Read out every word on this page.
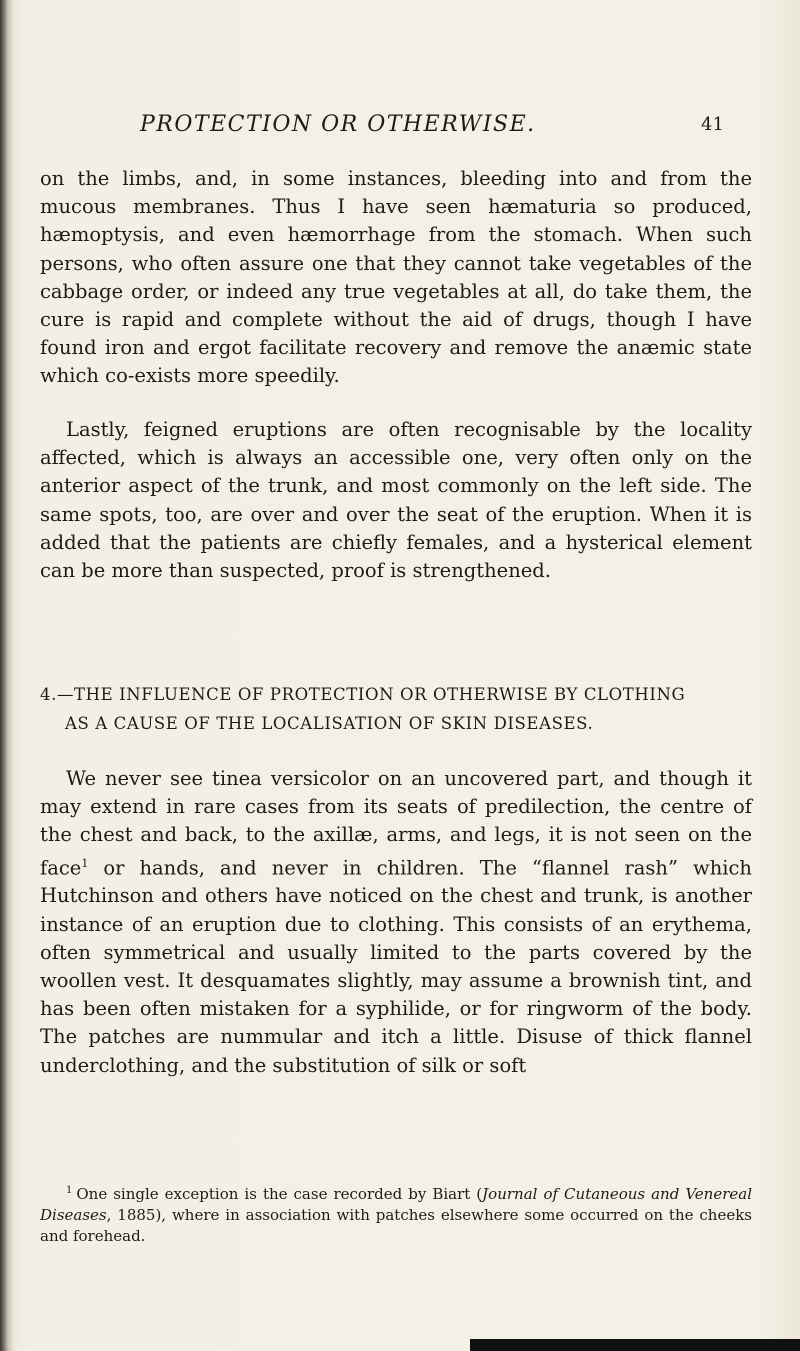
PROTECTION OR OTHERWISE.	41

on the limbs, and, in some instances, bleeding into and from the mucous membranes. Thus I have seen hæmaturia so produced, hæmoptysis, and even hæmorrhage from the stomach. When such persons, who often assure one that they cannot take vegetables of the cabbage order, or indeed any true vegetables at all, do take them, the cure is rapid and complete without the aid of drugs, though I have found iron and ergot facilitate recovery and remove the anæmic state which co-exists more speedily.

Lastly, feigned eruptions are often recognisable by the locality affected, which is always an accessible one, very often only on the anterior aspect of the trunk, and most commonly on the left side. The same spots, too, are over and over the seat of the eruption. When it is added that the patients are chiefly females, and a hysterical element can be more than suspected, proof is strengthened.

4.—THE INFLUENCE OF PROTECTION OR OTHERWISE BY CLOTHING
AS A CAUSE OF THE LOCALISATION OF SKIN DISEASES.

We never see tinea versicolor on an uncovered part, and though it may extend in rare cases from its seats of predilection, the centre of the chest and back, to the axillæ, arms, and legs, it is not seen on the face$^1$ or hands, and never in children. The “flannel rash” which Hutchinson and others have noticed on the chest and trunk, is another instance of an eruption due to clothing. This consists of an erythema, often symmetrical and usually limited to the parts covered by the woollen vest. It desquamates slightly, may assume a brownish tint, and has been often mistaken for a syphilide, or for ringworm of the body. The patches are nummular and itch a little. Disuse of thick flannel underclothing, and the substitution of silk or soft

$^1$ One single exception is the case recorded by Biart (Journal of Cutaneous and Venereal Diseases, 1885), where in association with patches elsewhere some occurred on the cheeks and forehead.
